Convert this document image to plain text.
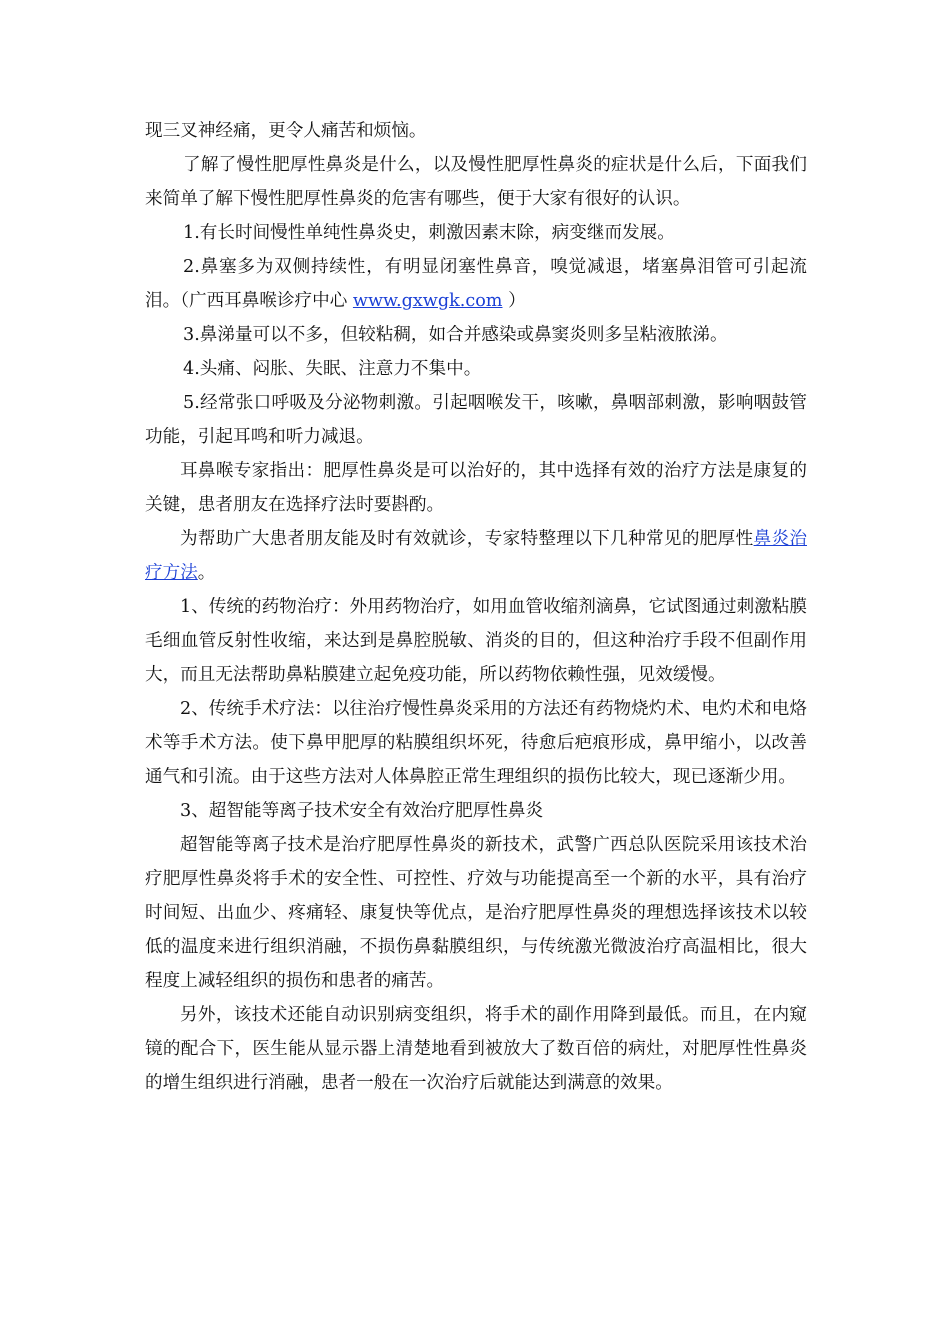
现三叉神经痛，更令人痛苦和烦恼。

了解了慢性肥厚性鼻炎是什么，以及慢性肥厚性鼻炎的症状是什么后，下面我们来简单了解下慢性肥厚性鼻炎的危害有哪些，便于大家有很好的认识。

1.有长时间慢性单纯性鼻炎史，刺激因素末除，病变继而发展。

2.鼻塞多为双侧持续性，有明显闭塞性鼻音，嗅觉减退，堵塞鼻泪管可引起流泪。（广西耳鼻喉诊疗中心 www.gxwgk.com ）

3.鼻涕量可以不多，但较粘稠，如合并感染或鼻窦炎则多呈粘液脓涕。

4.头痛、闷胀、失眠、注意力不集中。

5.经常张口呼吸及分泌物刺激。引起咽喉发干，咳嗽，鼻咽部刺激，影响咽鼓管功能，引起耳鸣和听力减退。

耳鼻喉专家指出：肥厚性鼻炎是可以治好的，其中选择有效的治疗方法是康复的关键，患者朋友在选择疗法时要斟酌。

为帮助广大患者朋友能及时有效就诊，专家特整理以下几种常见的肥厚性鼻炎治疗方法。

1、传统的药物治疗：外用药物治疗，如用血管收缩剂滴鼻，它试图通过刺激粘膜毛细血管反射性收缩，来达到是鼻腔脱敏、消炎的目的，但这种治疗手段不但副作用大，而且无法帮助鼻粘膜建立起免疫功能，所以药物依赖性强，见效缓慢。

2、传统手术疗法：以往治疗慢性鼻炎采用的方法还有药物烧灼术、电灼术和电烙术等手术方法。使下鼻甲肥厚的粘膜组织坏死，待愈后疤痕形成，鼻甲缩小，以改善通气和引流。由于这些方法对人体鼻腔正常生理组织的损伤比较大，现已逐渐少用。

3、超智能等离子技术安全有效治疗肥厚性鼻炎

超智能等离子技术是治疗肥厚性鼻炎的新技术，武警广西总队医院采用该技术治疗肥厚性鼻炎将手术的安全性、可控性、疗效与功能提高至一个新的水平，具有治疗时间短、出血少、疼痛轻、康复快等优点，是治疗肥厚性鼻炎的理想选择该技术以较低的温度来进行组织消融，不损伤鼻黏膜组织，与传统激光微波治疗高温相比，很大程度上减轻组织的损伤和患者的痛苦。

另外，该技术还能自动识别病变组织，将手术的副作用降到最低。而且，在内窥镜的配合下，医生能从显示器上清楚地看到被放大了数百倍的病灶，对肥厚性性鼻炎的增生组织进行消融，患者一般在一次治疗后就能达到满意的效果。
